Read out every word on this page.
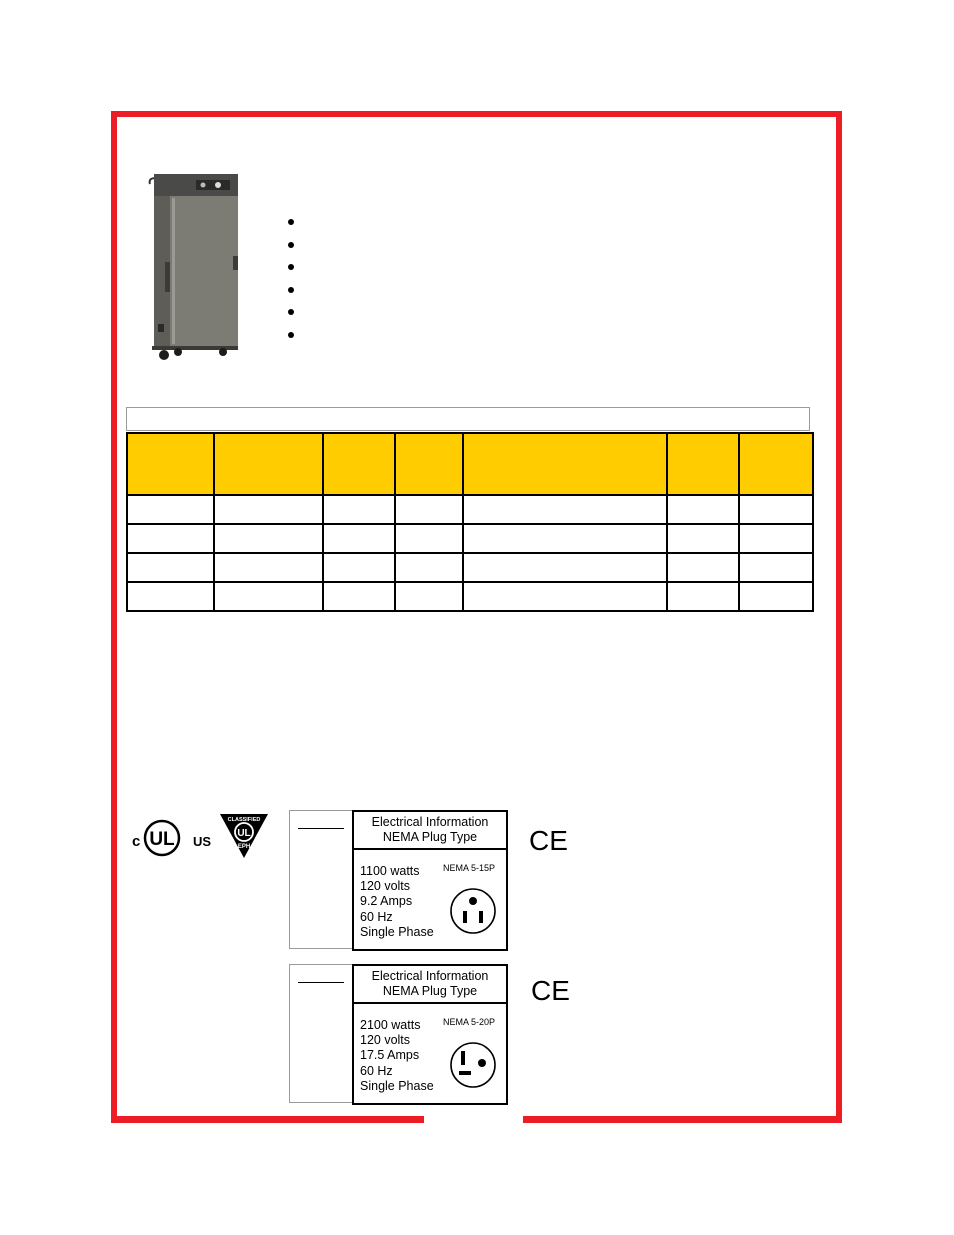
c UL US
CLASSIFIED
UL
EPH
Electrical Information
NEMA Plug Type
1100 watts
120 volts
9.2 Amps
60 Hz
Single Phase
NEMA 5-15P
CE
Electrical Information
NEMA Plug Type
2100 watts
120 volts
17.5 Amps
60 Hz
Single Phase
NEMA 5-20P
CE
